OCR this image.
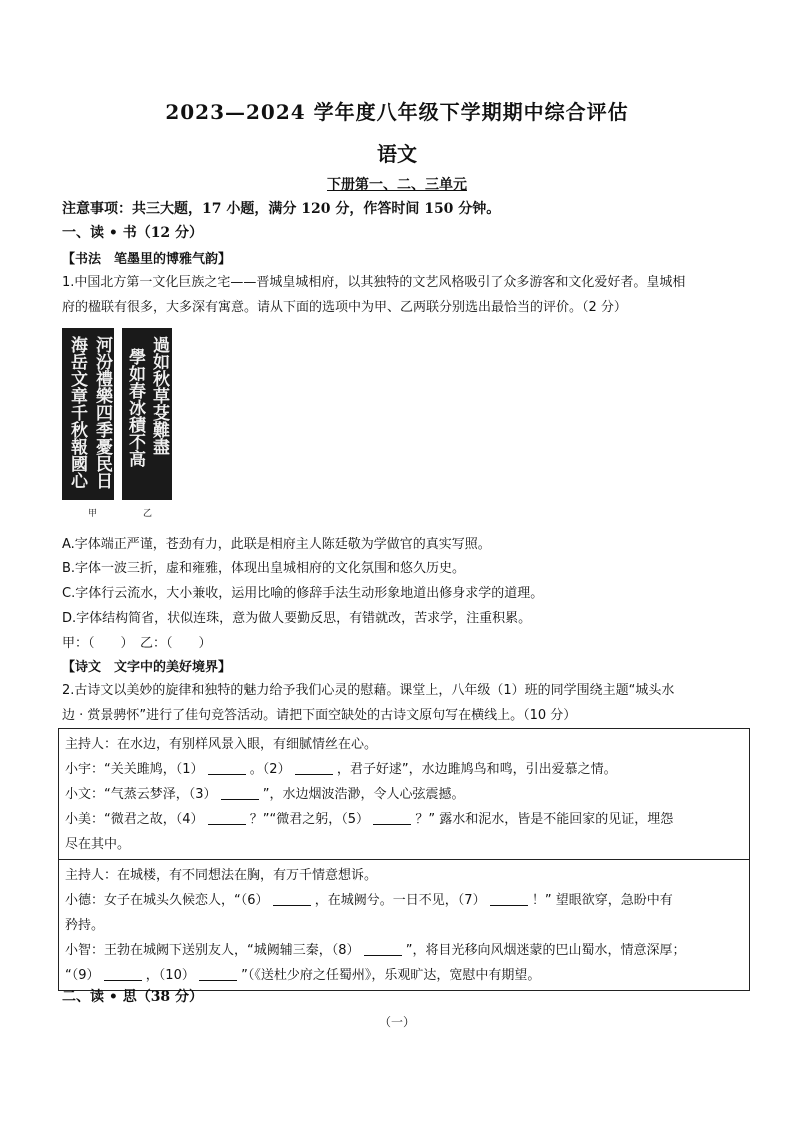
2023—2024 学年度八年级下学期期中综合评估
语文
下册第一、二、三单元
注意事项：共三大题，17 小题，满分 120 分，作答时间 150 分钟。
一、读 • 书（12 分）
【书法　笔墨里的博雅气韵】
1.中国北方第一文化巨族之宅——晋城皇城相府，以其独特的文艺风格吸引了众多游客和文化爱好者。皇城相
府的楹联有很多，大多深有寓意。请从下面的选项中为甲、乙两联分别选出最恰当的评价。（2 分）
河汾禮樂四季憂民日
海岳文章千秋報國心	過如秋草芟難盡
學如春冰積不高
甲	乙
A.字体端正严谨，苍劲有力，此联是相府主人陈廷敬为学做官的真实写照。
B.字体一波三折，虚和雍雅，体现出皇城相府的文化氛围和悠久历史。
C.字体行云流水，大小兼收，运用比喻的修辞手法生动形象地道出修身求学的道理。
D.字体结构简省，状似连珠，意为做人要勤反思，有错就改，苦求学，注重积累。
甲：（　　）　乙：（　　）
【诗文　文字中的美好境界】
2.古诗文以美妙的旋律和独特的魅力给予我们心灵的慰藉。课堂上，八年级（1）班的同学围绕主题“城头水
边 · 赏景骋怀”进行了佳句竞答活动。请把下面空缺处的古诗文原句写在横线上。（10 分）
主持人：在水边，有别样风景入眼，有细腻情丝在心。
小宇：“关关雎鸠，（1）	。（2）	，君子好逑”，水边雎鸠鸟和鸣，引出爱慕之情。
小文：“气蒸云梦泽，（3）	”，水边烟波浩渺，令人心弦震撼。
小美：“微君之故，（4）	？”“微君之躬，（5）	？” 露水和泥水，皆是不能回家的见证，埋怨
尽在其中。
主持人：在城楼，有不同想法在胸，有万千情意想诉。
小德：女子在城头久候恋人，“（6）	，在城阙兮。一日不见，（7）	！” 望眼欲穿，急盼中有
矜持。
小智：王勃在城阙下送别友人，“城阙辅三秦，（8）	”，将目光移向风烟迷蒙的巴山蜀水，情意深厚；
“（9）	，（10）	”（《送杜少府之任蜀州》，乐观旷达，宽慰中有期望。
二、读 • 思（38 分）
（一）
